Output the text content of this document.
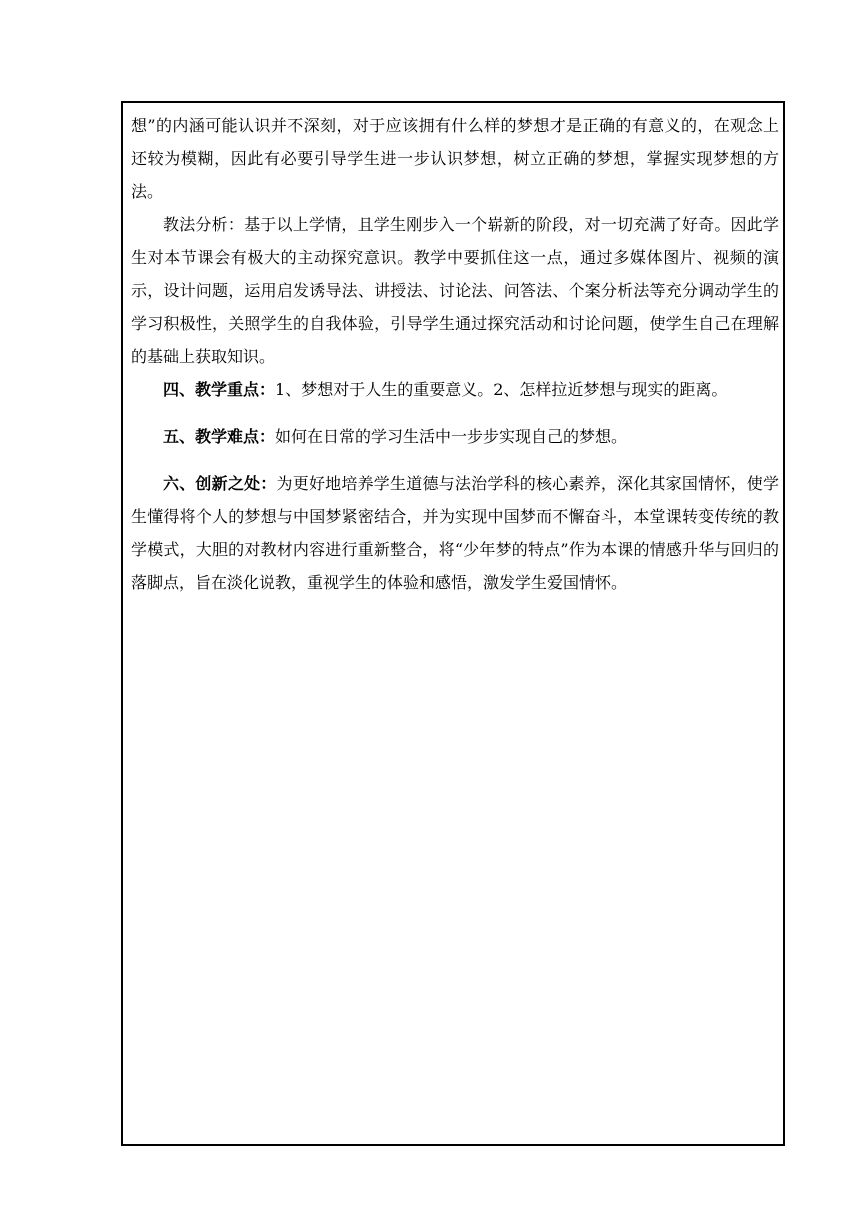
想”的内涵可能认识并不深刻，对于应该拥有什么样的梦想才是正确的有意义的，在观念上还较为模糊，因此有必要引导学生进一步认识梦想，树立正确的梦想，掌握实现梦想的方法。

教法分析：基于以上学情，且学生刚步入一个崭新的阶段，对一切充满了好奇。因此学生对本节课会有极大的主动探究意识。教学中要抓住这一点，通过多媒体图片、视频的演示，设计问题，运用启发诱导法、讲授法、讨论法、问答法、个案分析法等充分调动学生的学习积极性，关照学生的自我体验，引导学生通过探究活动和讨论问题，使学生自己在理解的基础上获取知识。

四、教学重点：1、梦想对于人生的重要意义。2、怎样拉近梦想与现实的距离。

五、教学难点：如何在日常的学习生活中一步步实现自己的梦想。

六、创新之处：为更好地培养学生道德与法治学科的核心素养，深化其家国情怀，使学生懂得将个人的梦想与中国梦紧密结合，并为实现中国梦而不懈奋斗，本堂课转变传统的教学模式，大胆的对教材内容进行重新整合，将“少年梦的特点”作为本课的情感升华与回归的落脚点，旨在淡化说教，重视学生的体验和感悟，激发学生爱国情怀。
